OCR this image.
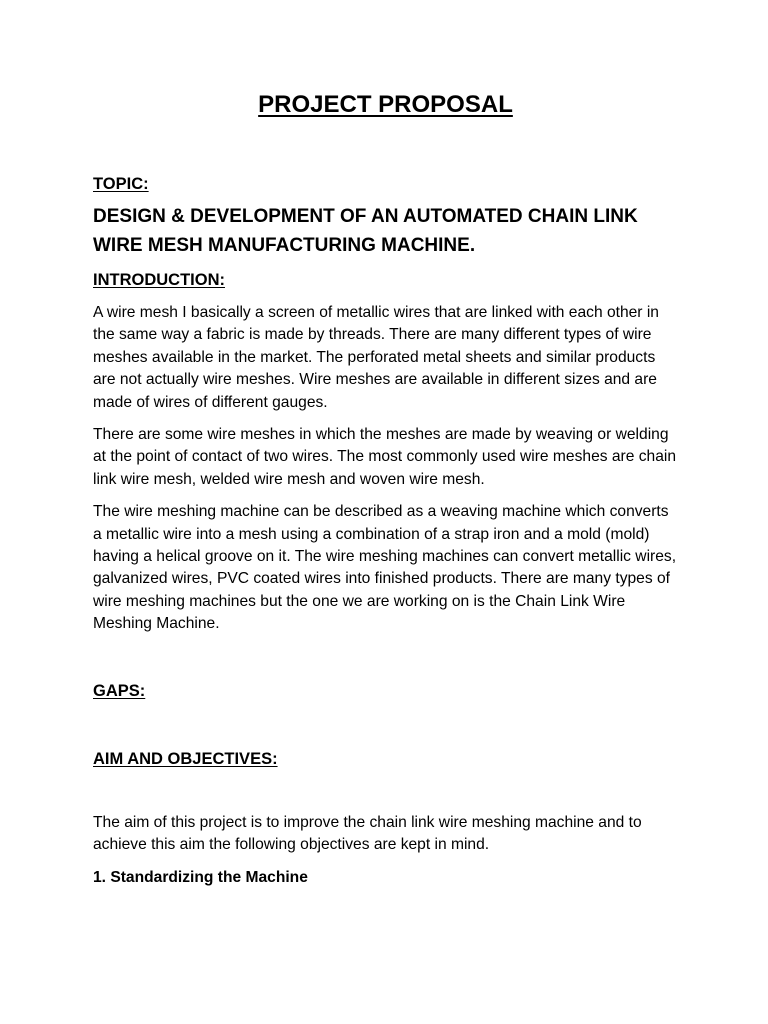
PROJECT PROPOSAL
TOPIC:
DESIGN & DEVELOPMENT OF AN AUTOMATED CHAIN LINK WIRE MESH MANUFACTURING MACHINE.
INTRODUCTION:

A wire mesh I basically a screen of metallic wires that are linked with each other in the same way a fabric is made by threads. There are many different types of wire meshes available in the market. The perforated metal sheets and similar products are not actually wire meshes. Wire meshes are available in different sizes and are made of wires of different gauges.

There are some wire meshes in which the meshes are made by weaving or welding at the point of contact of two wires. The most commonly used wire meshes are chain link wire mesh, welded wire mesh and woven wire mesh.

The wire meshing machine can be described as a weaving machine which converts a metallic wire into a mesh using a combination of a strap iron and a mold (mold) having a helical groove on it. The wire meshing machines can convert metallic wires, galvanized wires, PVC coated wires into finished products. There are many types of wire meshing machines but the one we are working on is the Chain Link Wire Meshing Machine.

GAPS:
AIM AND OBJECTIVES:

The aim of this project is to improve the chain link wire meshing machine and to achieve this aim the following objectives are kept in mind.

1. Standardizing the Machine
